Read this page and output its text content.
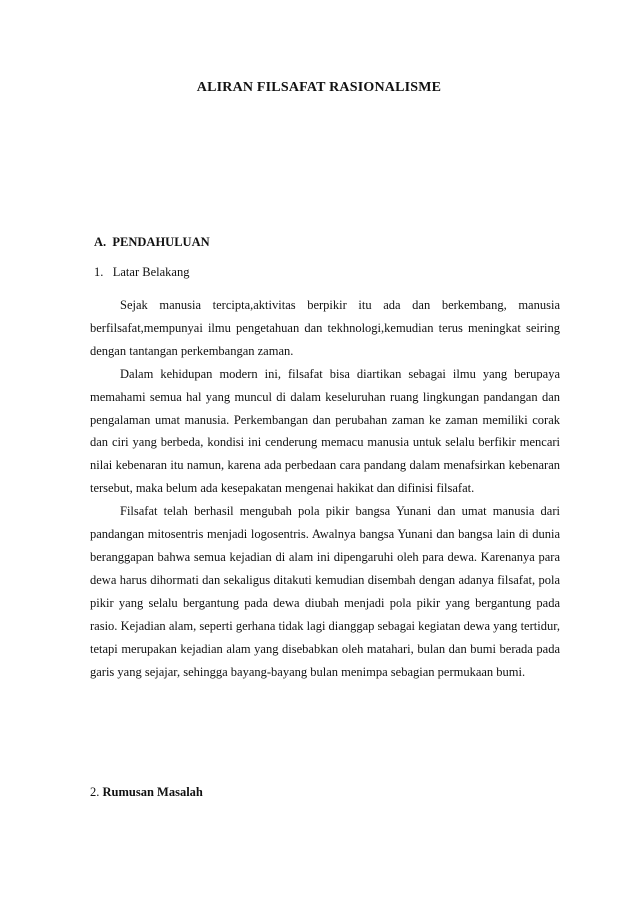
ALIRAN FILSAFAT RASIONALISME
A. PENDAHULUAN
1. Latar Belakang

Sejak manusia tercipta,aktivitas berpikir itu ada dan berkembang, manusia berfilsafat,mempunyai ilmu pengetahuan dan tekhnologi,kemudian terus meningkat seiring dengan tantangan perkembangan zaman.

Dalam kehidupan modern ini, filsafat bisa diartikan sebagai ilmu yang berupaya memahami semua hal yang muncul di dalam keseluruhan ruang lingkungan pandangan dan pengalaman umat manusia. Perkembangan dan perubahan zaman ke zaman memiliki corak dan ciri yang berbeda, kondisi ini cenderung memacu manusia untuk selalu berfikir mencari nilai kebenaran itu namun, karena ada perbedaan cara pandang dalam menafsirkan kebenaran tersebut, maka belum ada kesepakatan mengenai hakikat dan difinisi filsafat.

Filsafat telah berhasil mengubah pola pikir bangsa Yunani dan umat manusia dari pandangan mitosentris menjadi logosentris. Awalnya bangsa Yunani dan bangsa lain di dunia beranggapan bahwa semua kejadian di alam ini dipengaruhi oleh para dewa. Karenanya para dewa harus dihormati dan sekaligus ditakuti kemudian disembah dengan adanya filsafat, pola pikir yang selalu bergantung pada dewa diubah menjadi pola pikir yang bergantung pada rasio. Kejadian alam, seperti gerhana tidak lagi dianggap sebagai kegiatan dewa yang tertidur, tetapi merupakan kejadian alam yang disebabkan oleh matahari, bulan dan bumi berada pada garis yang sejajar, sehingga bayang-bayang bulan menimpa sebagian permukaan bumi.

2. Rumusan Masalah
